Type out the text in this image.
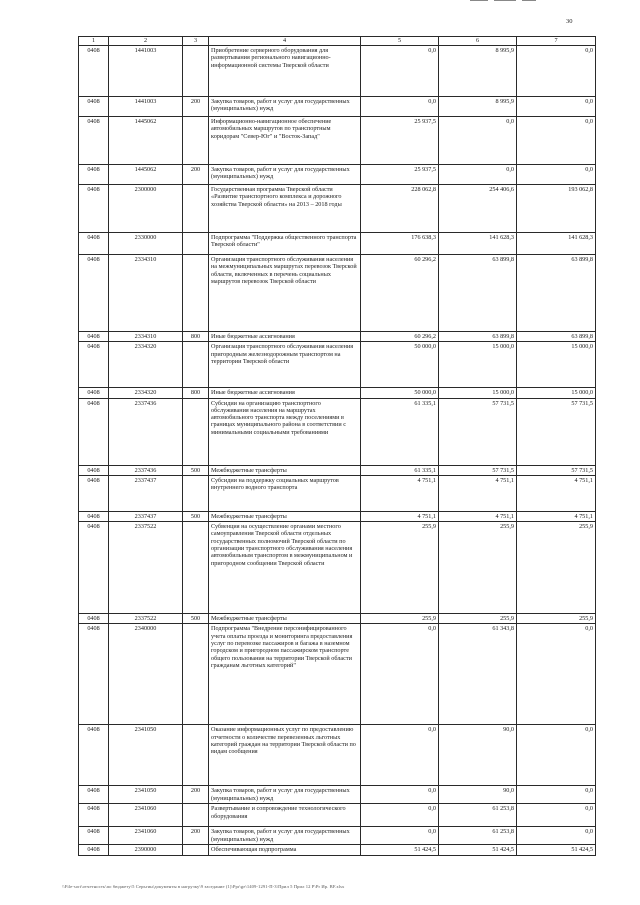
30
1	2	3	4	5	6	7
0408	1441003		Приобретение серверного оборудования для развертывания регионального навигационно-информационной системы Тверской области	0,0	8 995,9	0,0
0408	1441003	200	Закупка товаров, работ и услуг для государственных (муниципальных) нужд	0,0	8 995,9	0,0
0408	1445062		Информационно-навигационное обеспечение автомобильных маршрутов по транспортным коридорам "Север-Юг" и "Восток-Запад"	25 937,5	0,0	0,0
0408	1445062	200	Закупка товаров, работ и услуг для государственных (муниципальных) нужд	25 937,5	0,0	0,0
0408	2300000		Государственная программа Тверской области «Развитие транспортного комплекса и дорожного хозяйства Тверской области» на 2013 – 2018 годы	228 062,8	254 406,6	193 062,8
0408	2330000		Подпрограмма "Поддержка общественного транспорта Тверской области"	176 638,3	141 628,3	141 628,3
0408	2334310		Организация транспортного обслуживания населения на межмуниципальных маршрутах перевозок Тверской области, включенных в перечень социальных маршрутов перевозок Тверской области	60 296,2	63 899,8	63 899,8
0408	2334310	800	Иные бюджетные ассигнования	60 296,2	63 899,8	63 899,8
0408	2334320		Организация транспортного обслуживания населения пригородным железнодорожным транспортом на территории Тверской области	50 000,0	15 000,0	15 000,0
0408	2334320	800	Иные бюджетные ассигнования	50 000,0	15 000,0	15 000,0
0408	2337436		Субсидии на организацию транспортного обслуживания населения на маршрутах автомобильного транспорта между поселениями в границах муниципального района в соответствии с минимальными социальными требованиями	61 335,1	57 731,5	57 731,5
0408	2337436	500	Межбюджетные трансферты	61 335,1	57 731,5	57 731,5
0408	2337437		Субсидии на поддержку социальных маршрутов внутреннего водного транспорта	4 751,1	4 751,1	4 751,1
0408	2337437	500	Межбюджетные трансферты	4 751,1	4 751,1	4 751,1
0408	2337522		Субвенция на осуществление органами местного самоуправления Тверской области отдельных государственных полномочий Тверской области по организации транспортного обслуживания населения автомобильным транспортом в межмуниципальном и пригородном сообщении Тверской области	255,9	255,9	255,9
0408	2337522	500	Межбюджетные трансферты	255,9	255,9	255,9
0408	2340000		Подпрограмма "Внедрение персонифицированного учета оплаты проезда и мониторинга предоставления услуг по перевозке пассажиров и багажа в наземном городском и пригородном пассажирском транспорте общего пользования на территории Тверской области гражданам льготных категорий"	0,0	61 343,8	0,0
0408	2341050		Оказание информационных услуг по предоставлению отчетности о количестве перевезенных льготных категорий граждан на территории Тверской области по видам сообщения	0,0	90,0	0,0
0408	2341050	200	Закупка товаров, работ и услуг для государственных (муниципальных) нужд	0,0	90,0	0,0
0408	2341060		Развертывание и сопровождение технологического оборудования	0,0	61 253,8	0,0
0408	2341060	200	Закупка товаров, работ и услуг для государственных (муниципальных) нужд	0,0	61 253,8	0,0
0408	2390000		Обеспечивающая подпрограмма	51 424,5	51 424,5	51 424,5
\\File-sort\отчетность\по бюджету\5 Серьгин\документы в нагрузку\9 заседание (1)\Ppr\ge\1409-1291-П-3\Прил 5 Прил 12 P\Pr Ир. BF.xlsx
